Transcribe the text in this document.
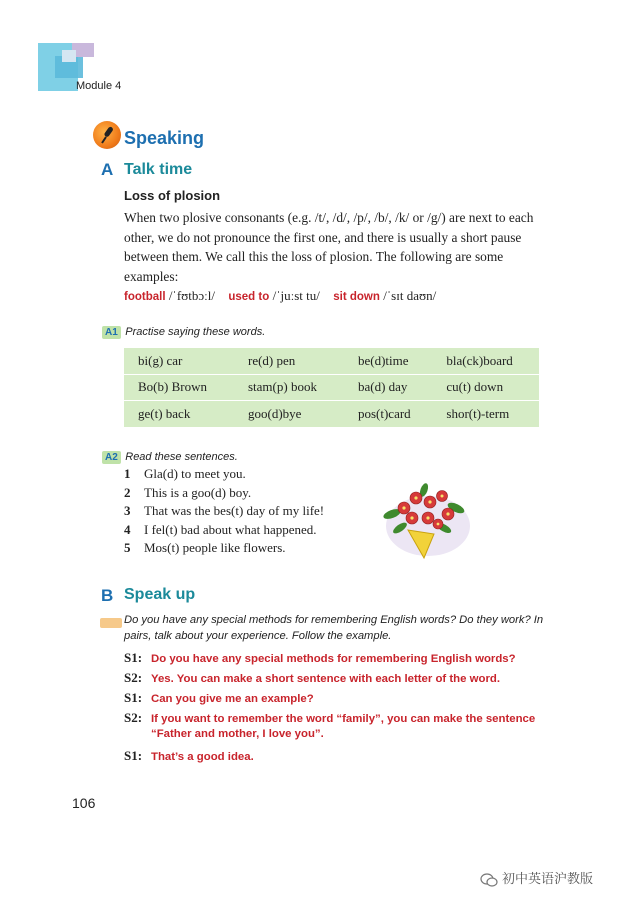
Module 4
Speaking
A Talk time
Loss of plosion
When two plosive consonants (e.g. /t/, /d/, /p/, /b/, /k/ or /g/) are next to each other, we do not pronounce the first one, and there is usually a short pause between them. We call this the loss of plosion. The following are some examples:
football /ˈfʊtbɔːl/ used to /ˈjuːst tu/ sit down /ˈsɪt daʊn/
A1 Practise saying these words.
bi(g) car	re(d) pen	be(d)time	bla(ck)board
Bo(b) Brown	stam(p) book	ba(d) day	cu(t) down
ge(t) back	goo(d)bye	pos(t)card	shor(t)-term
A2 Read these sentences.
1 Gla(d) to meet you.
2 This is a goo(d) boy.
3 That was the bes(t) day of my life!
4 I fel(t) bad about what happened.
5 Mos(t) people like flowers.
B Speak up
Do you have any special methods for remembering English words? Do they work? In pairs, talk about your experience. Follow the example.
S1: Do you have any special methods for remembering English words?
S2: Yes. You can make a short sentence with each letter of the word.
S1: Can you give me an example?
S2: If you want to remember the word “family”, you can make the sentence
“Father and mother, I love you”.
S1: That’s a good idea.
106
初中英语沪教版
